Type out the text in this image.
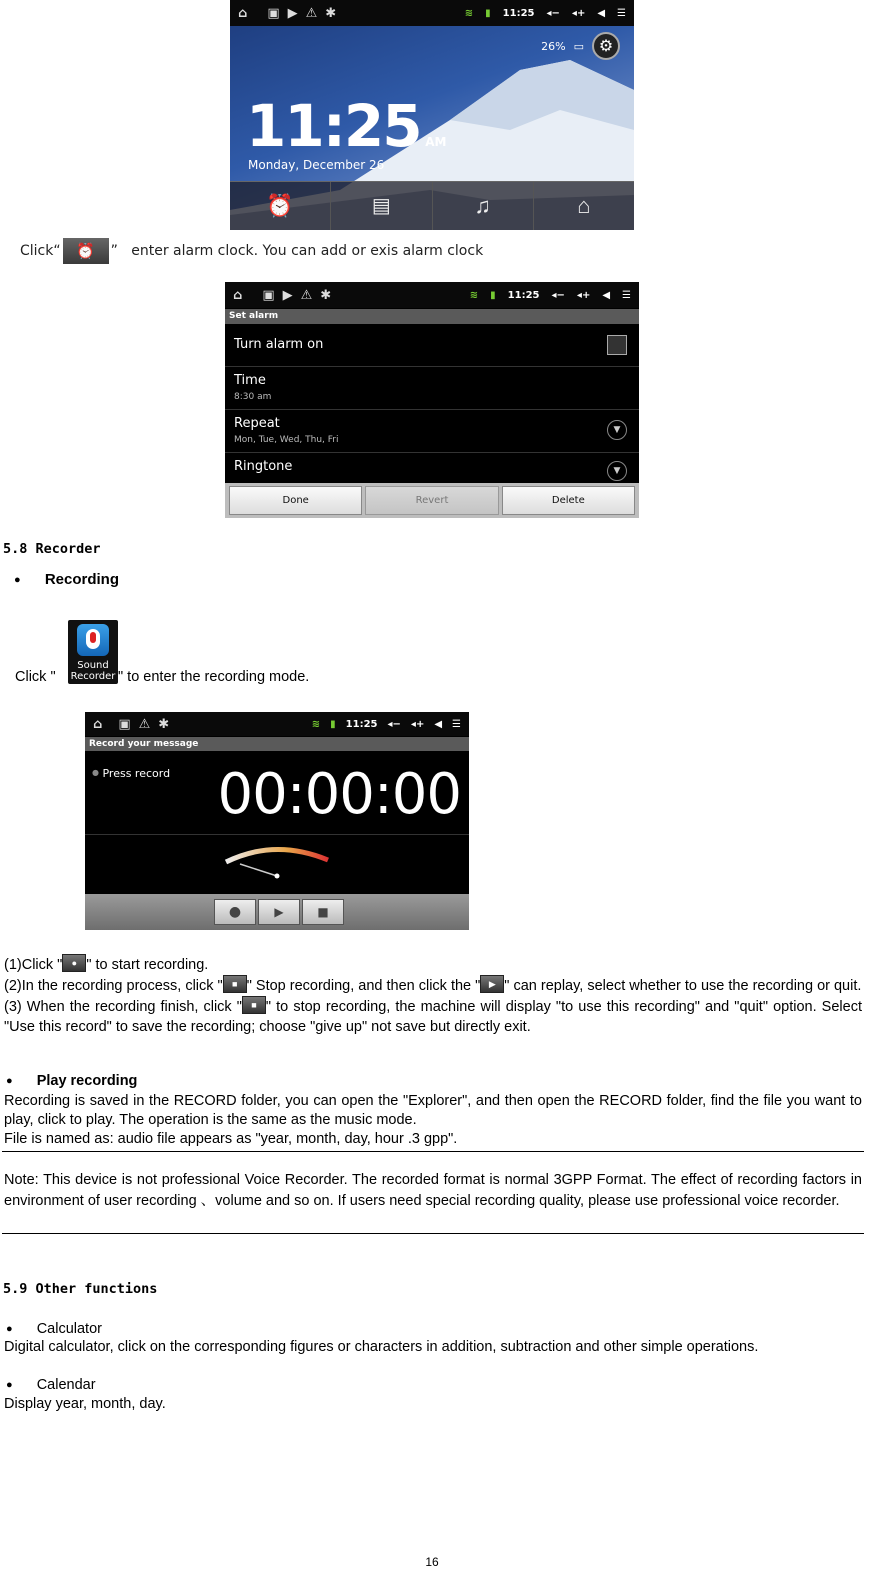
⌂ ▣ ▶ ⚠ ✱	≋ ▮ 11:25 ◂− ◂+ ◀ ☰
26% ▭ ⚙
11:25 AM
Monday, December 26
⏰	▤	♫	⌂
Click“	⏰	”   enter alarm clock. You can add or exis alarm clock
⌂ ▣ ▶ ⚠ ✱	≋ ▮ 11:25 ◂− ◂+ ◀ ☰
Set alarm
Turn alarm on
Time
8:30 am
Repeat
Mon, Tue, Wed, Thu, Fri
▼
Ringtone	▼
Done	Revert	Delete
5.8 Recorder
● Recording
Sound
Recorder
Click "	" to enter the recording mode.
⌂ ▣ ⚠ ✱	≋ ▮ 11:25 ◂− ◂+ ◀ ☰
Record your message
● Press record 00:00:00
●	▶	■

(1)Click "	● " to start recording.

(2)In the recording process, click "	■ " Stop recording, and then click the " ▶ " can replay, select whether to use the recording or quit.

(3) When the recording finish, click "	■ " to stop recording, the machine will display "to use this recording" and "quit" option. Select "Use this record" to save the recording; choose "give up" not save but directly exit.

● Play recording

Recording is saved in the RECORD folder, you can open the "Explorer", and then open the RECORD folder, find the file you want to play, click to play. The operation is the same as the music mode.

File is named as: audio file appears as "year, month, day, hour .3 gpp".

Note: This device is not professional Voice Recorder. The recorded format is normal 3GPP Format. The effect of recording factors in environment of user recording 、volume and so on. If users need special recording quality, please use professional voice recorder.

5.9 Other functions
● Calculator
Digital calculator, click on the corresponding figures or characters in addition, subtraction and other simple operations.
● Calendar
Display year, month, day.
16
